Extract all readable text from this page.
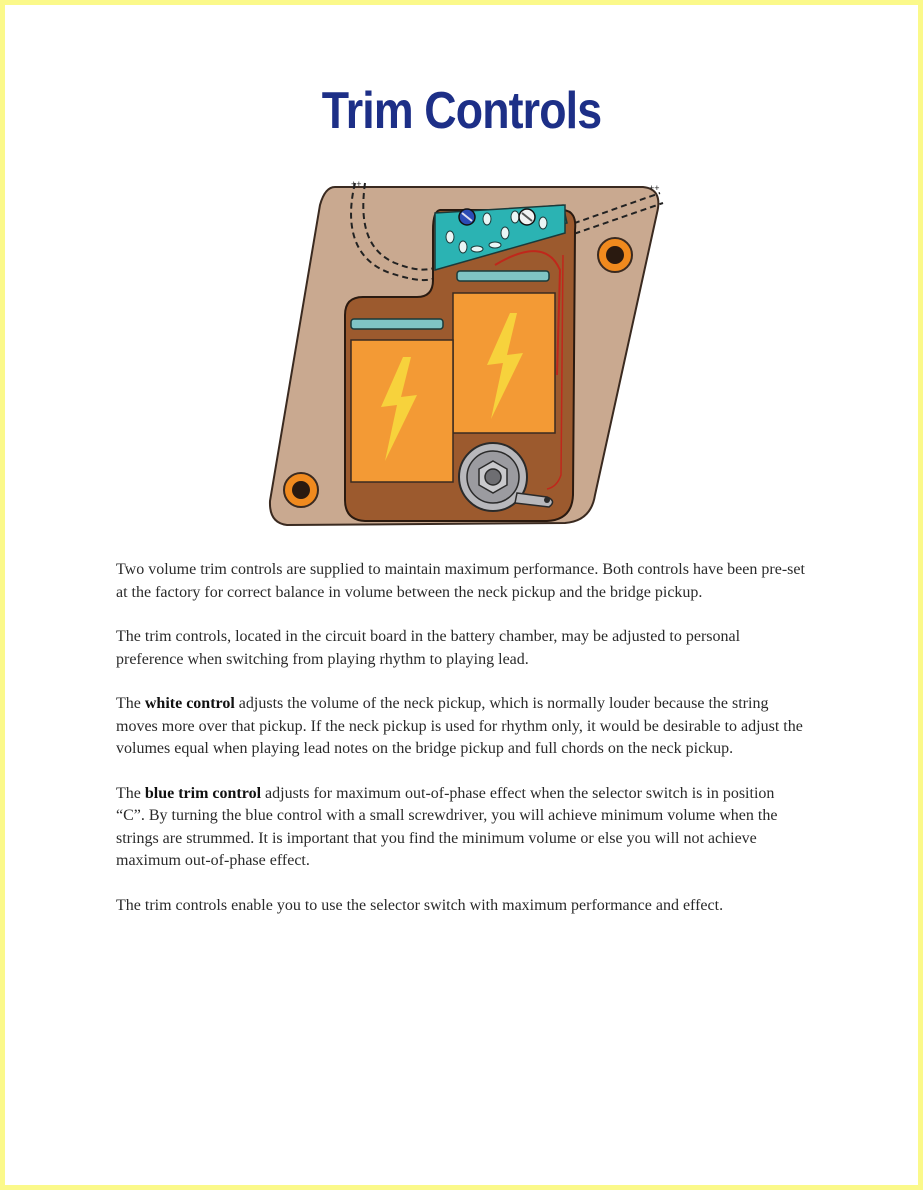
Trim Controls
++	++

Two volume trim controls are supplied to maintain maximum performance. Both controls have been pre-set at the factory for correct balance in volume between the neck pickup and the bridge pickup.

The trim controls, located in the circuit board in the battery chamber, may be adjusted to personal preference when switching from playing rhythm to playing lead.

The white control adjusts the volume of the neck pickup, which is normally louder because the string moves more over that pickup. If the neck pickup is used for rhythm only, it would be desirable to adjust the volumes equal when playing lead notes on the bridge pickup and full chords on the neck pickup.

The blue trim control adjusts for maximum out-of-phase effect when the selector switch is in position “C”. By turning the blue control with a small screwdriver, you will achieve minimum volume when the strings are strummed. It is important that you find the minimum volume or else you will not achieve maximum out-of-phase effect.

The trim controls enable you to use the selector switch with maximum performance and effect.
